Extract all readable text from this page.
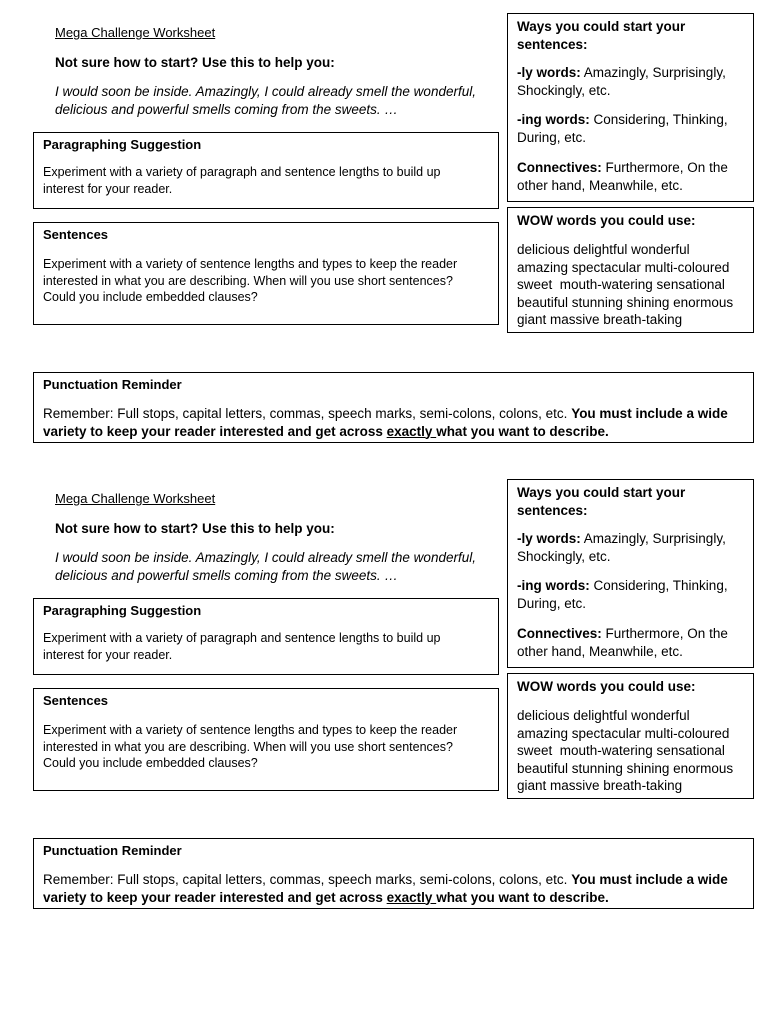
Mega Challenge Worksheet
Not sure how to start? Use this to help you:
I would soon be inside. Amazingly, I could already smell the wonderful, delicious and powerful smells coming from the sweets. …
Paragraphing Suggestion
Experiment with a variety of paragraph and sentence lengths to build up interest for your reader.
Sentences
Experiment with a variety of sentence lengths and types to keep the reader interested in what you are describing. When will you use short sentences? Could you include embedded clauses?
Ways you could start your sentences:
-ly words: Amazingly, Surprisingly, Shockingly, etc.
-ing words: Considering, Thinking, During, etc.
Connectives: Furthermore, On the other hand, Meanwhile, etc.
WOW words you could use:
delicious delightful wonderful
amazing spectacular multi-coloured
sweet  mouth-watering sensational
beautiful stunning shining enormous
giant massive breath-taking
Punctuation Reminder
Remember: Full stops, capital letters, commas, speech marks, semi-colons, colons, etc. You must include a wide variety to keep your reader interested and get across exactly what you want to describe.
Mega Challenge Worksheet
Not sure how to start? Use this to help you:
I would soon be inside. Amazingly, I could already smell the wonderful, delicious and powerful smells coming from the sweets. …
Paragraphing Suggestion
Experiment with a variety of paragraph and sentence lengths to build up interest for your reader.
Sentences
Experiment with a variety of sentence lengths and types to keep the reader interested in what you are describing. When will you use short sentences? Could you include embedded clauses?
Ways you could start your sentences:
-ly words: Amazingly, Surprisingly, Shockingly, etc.
-ing words: Considering, Thinking, During, etc.
Connectives: Furthermore, On the other hand, Meanwhile, etc.
WOW words you could use:
delicious delightful wonderful
amazing spectacular multi-coloured
sweet  mouth-watering sensational
beautiful stunning shining enormous
giant massive breath-taking
Punctuation Reminder
Remember: Full stops, capital letters, commas, speech marks, semi-colons, colons, etc. You must include a wide variety to keep your reader interested and get across exactly what you want to describe.
